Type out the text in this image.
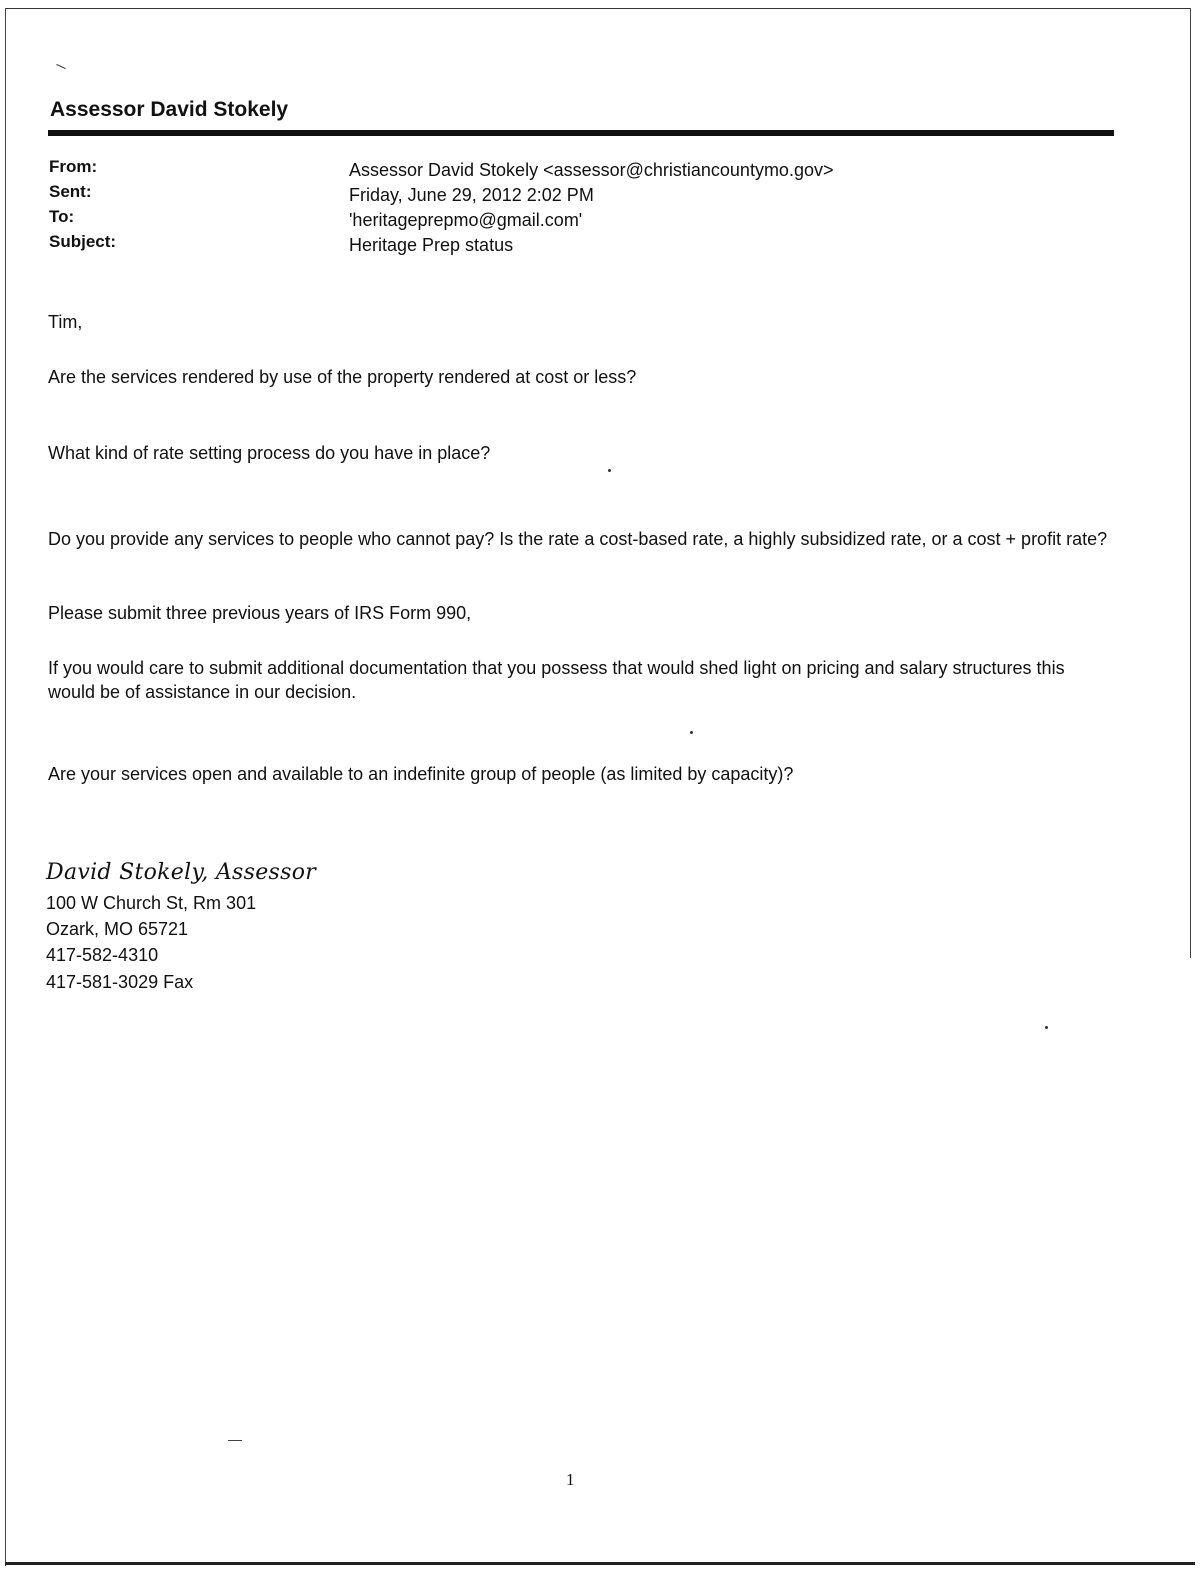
Assessor David Stokely
From:	Assessor David Stokely <assessor@christiancountymo.gov>
Sent:	Friday, June 29, 2012 2:02 PM
To:	'heritageprepmo@gmail.com'
Subject:	Heritage Prep status
Tim,
Are the services rendered by use of the property rendered at cost or less?
What kind of rate setting process do you have in place?
Do you provide any services to people who cannot pay? Is the rate a cost-based rate, a highly subsidized rate, or a cost + profit rate?
Please submit three previous years of IRS Form 990,
If you would care to submit additional documentation that you possess that would shed light on pricing and salary structures this would be of assistance in our decision.
Are your services open and available to an indefinite group of people (as limited by capacity)?
David Stokely, Assessor
100 W Church St, Rm 301
Ozark, MO 65721
417-582-4310
417-581-3029 Fax
1
